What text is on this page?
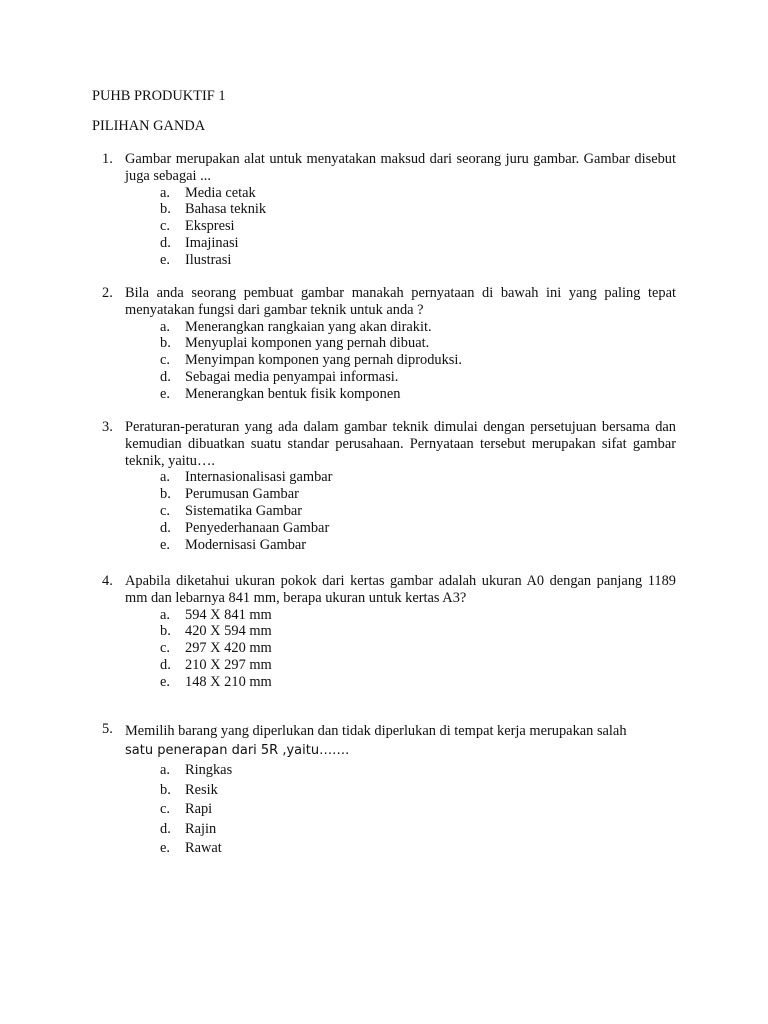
PUHB PRODUKTIF 1
PILIHAN GANDA
1. Gambar merupakan alat untuk menyatakan maksud dari seorang juru gambar. Gambar disebut juga sebagai ...
a. Media cetak
b. Bahasa teknik
c. Ekspresi
d. Imajinasi
e. Ilustrasi
2. Bila anda seorang pembuat gambar manakah pernyataan di bawah ini yang paling tepat menyatakan fungsi dari gambar teknik untuk anda ?
a. Menerangkan rangkaian yang akan dirakit.
b. Menyuplai komponen yang pernah dibuat.
c. Menyimpan komponen yang pernah diproduksi.
d. Sebagai media penyampai informasi.
e. Menerangkan bentuk fisik komponen
3. Peraturan-peraturan yang ada dalam gambar teknik dimulai dengan persetujuan bersama dan kemudian dibuatkan suatu standar perusahaan. Pernyataan tersebut merupakan sifat gambar teknik, yaitu….
a. Internasionalisasi gambar
b. Perumusan Gambar
c. Sistematika Gambar
d. Penyederhanaan Gambar
e. Modernisasi Gambar
4. Apabila diketahui ukuran pokok dari kertas gambar adalah ukuran A0 dengan panjang 1189 mm dan lebarnya 841 mm, berapa ukuran untuk kertas A3?
a. 594 X 841 mm
b. 420 X 594 mm
c. 297 X 420 mm
d. 210 X 297 mm
e. 148 X 210 mm
5. Memilih barang yang diperlukan dan tidak diperlukan di tempat kerja merupakan salah
satu penerapan dari 5R ,yaitu…….
a. Ringkas
b. Resik
c. Rapi
d. Rajin
e. Rawat
